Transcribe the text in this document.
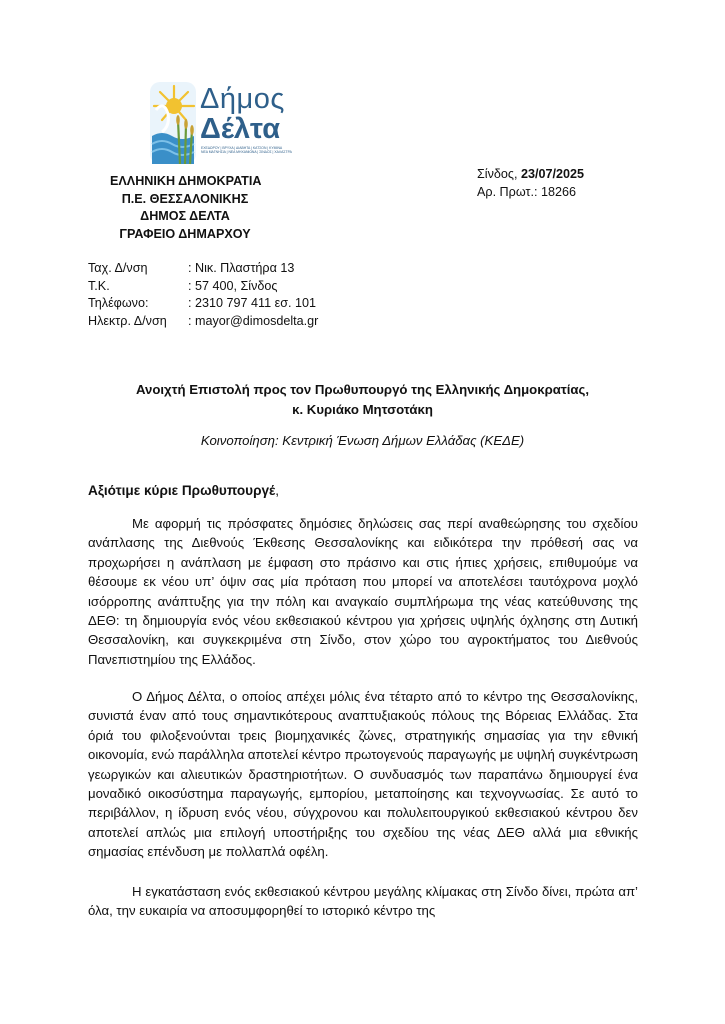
Δήμος
Δέλτα
ΕΧΕΔΩΡΟΥ | ΒΡΥΧΑ | ΔΙΑΒΗΤΑ | ΚΑΤΣΟΝ | ΚΥΜΙΝΑ
ΝΕΑ ΜΑΓΝΗΣΙΑ | ΝΕΑ ΜΗΧΑΝΙΩΝΑ | ΣΙΝΔΟΣ | ΧΑΛΑΣΤΡΑ
ΕΛΛΗΝΙΚΗ ΔΗΜΟΚΡΑΤΙΑ
Π.Ε. ΘΕΣΣΑΛΟΝΙΚΗΣ
ΔΗΜΟΣ ΔΕΛΤΑ
ΓΡΑΦΕΙΟ ΔΗΜΑΡΧΟΥ
Σίνδος, 23/07/2025
Αρ. Πρωτ.: 18266
Ταχ. Δ/νση	: Νικ. Πλαστήρα 13
Τ.Κ.	: 57 400, Σίνδος
Τηλέφωνο:	: 2310 797 411 εσ. 101
Ηλεκτρ. Δ/νση : mayor@dimosdelta.gr
Ανοιχτή Επιστολή προς τον Πρωθυπουργό της Ελληνικής Δημοκρατίας,
κ. Κυριάκο Μητσοτάκη
Κοινοποίηση: Κεντρική Ένωση Δήμων Ελλάδας (ΚΕΔΕ)
Αξιότιμε κύριε Πρωθυπουργέ,

Με αφορμή τις πρόσφατες δημόσιες δηλώσεις σας περί αναθεώρησης του σχεδίου ανάπλασης της Διεθνούς Έκθεσης Θεσσαλονίκης και ειδικότερα την πρόθεσή σας να προχωρήσει η ανάπλαση με έμφαση στο πράσινο και στις ήπιες χρήσεις, επιθυμούμε να θέσουμε εκ νέου υπ’ όψιν σας μία πρόταση που μπορεί να αποτελέσει ταυτόχρονα μοχλό ισόρροπης ανάπτυξης για την πόλη και αναγκαίο συμπλήρωμα της νέας κατεύθυνσης της ΔΕΘ: τη δημιουργία ενός νέου εκθεσιακού κέντρου για χρήσεις υψηλής όχλησης στη Δυτική Θεσσαλονίκη, και συγκεκριμένα στη Σίνδο, στον χώρο του αγροκτήματος του Διεθνούς Πανεπιστημίου της Ελλάδος.

Ο Δήμος Δέλτα, ο οποίος απέχει μόλις ένα τέταρτο από το κέντρο της Θεσσαλονίκης, συνιστά έναν από τους σημαντικότερους αναπτυξιακούς πόλους της Βόρειας Ελλάδας. Στα όριά του φιλοξενούνται τρεις βιομηχανικές ζώνες, στρατηγικής σημασίας για την εθνική οικονομία, ενώ παράλληλα αποτελεί κέντρο πρωτογενούς παραγωγής με υψηλή συγκέντρωση γεωργικών και αλιευτικών δραστηριοτήτων. Ο συνδυασμός των παραπάνω δημιουργεί ένα μοναδικό οικοσύστημα παραγωγής, εμπορίου, μεταποίησης και τεχνογνωσίας. Σε αυτό το περιβάλλον, η ίδρυση ενός νέου, σύγχρονου και πολυλειτουργικού εκθεσιακού κέντρου δεν αποτελεί απλώς μια επιλογή υποστήριξης του σχεδίου της νέας ΔΕΘ αλλά μια εθνικής σημασίας επένδυση με πολλαπλά οφέλη.

Η εγκατάσταση ενός εκθεσιακού κέντρου μεγάλης κλίμακας στη Σίνδο δίνει, πρώτα απ’ όλα, την ευκαιρία να αποσυμφορηθεί το ιστορικό κέντρο της
